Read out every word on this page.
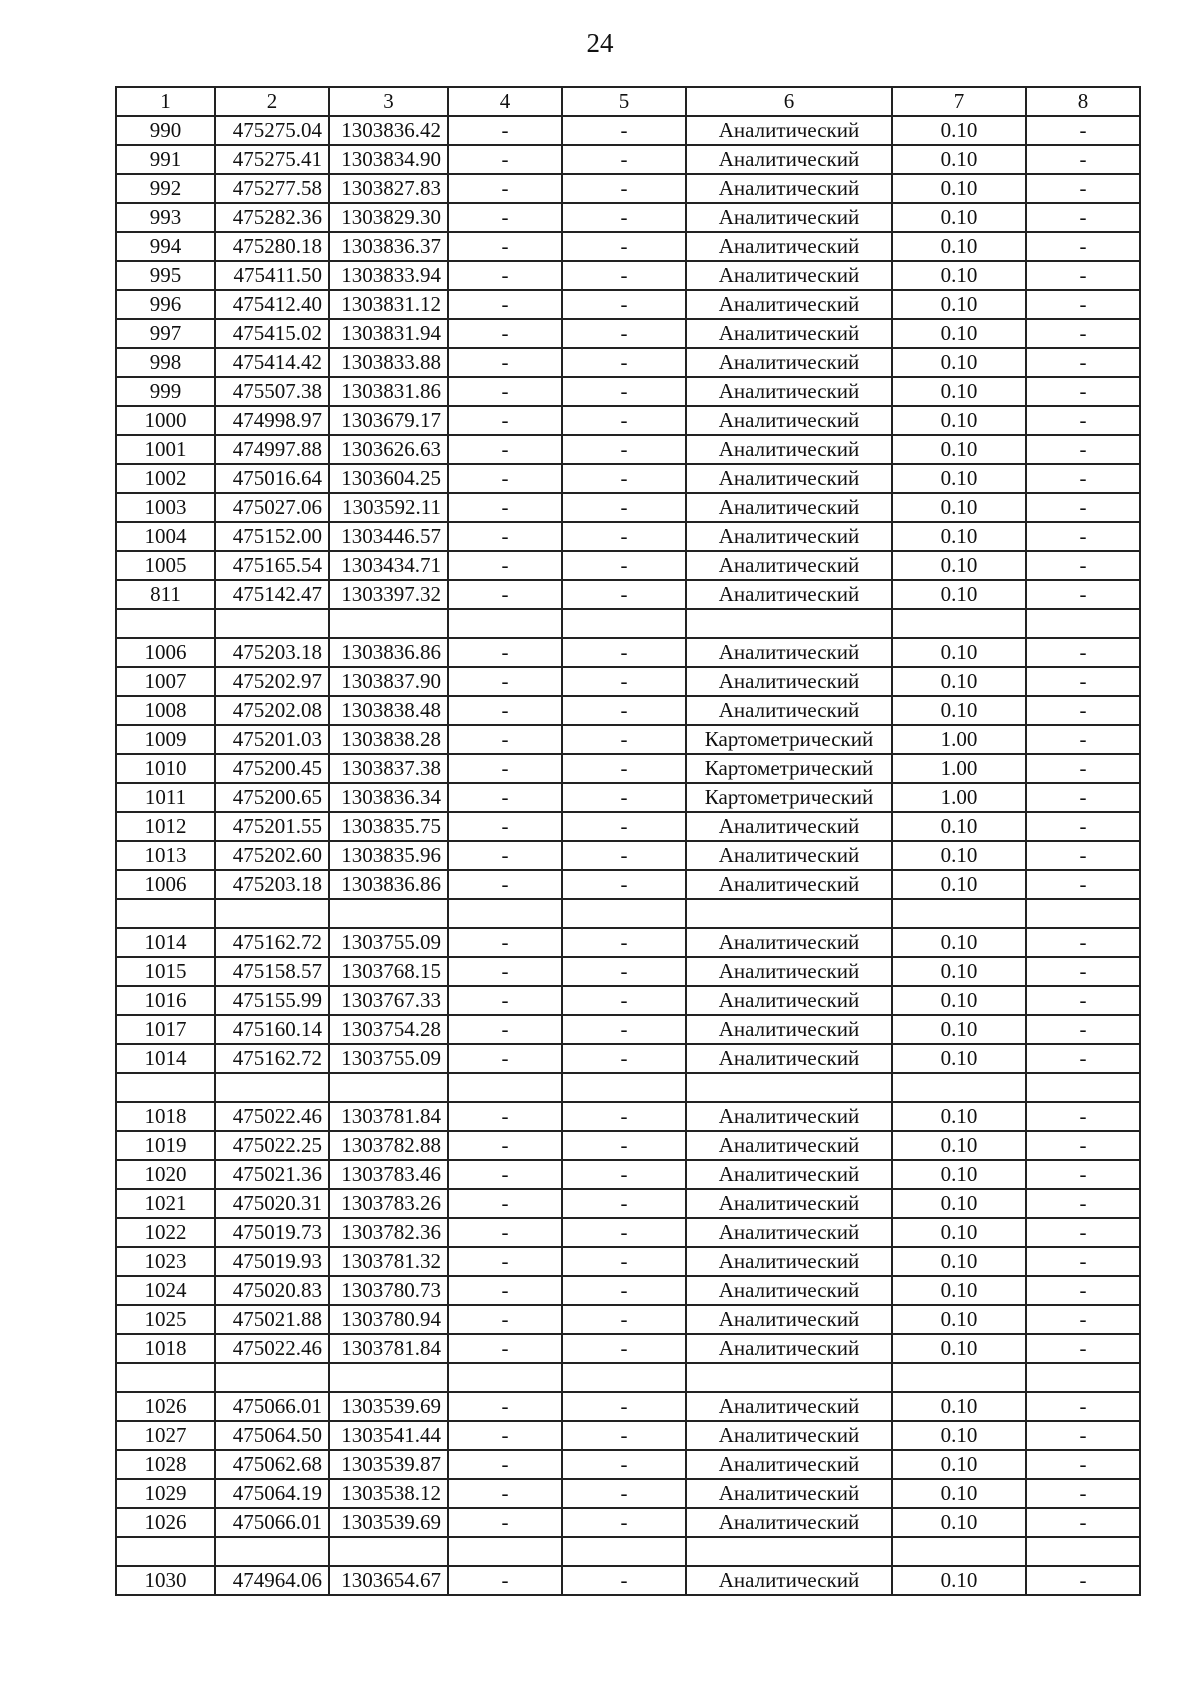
24
1	2	3	4	5	6	7	8
990	475275.04	1303836.42	-	-	Аналитический	0.10	-
991	475275.41	1303834.90	-	-	Аналитический	0.10	-
992	475277.58	1303827.83	-	-	Аналитический	0.10	-
993	475282.36	1303829.30	-	-	Аналитический	0.10	-
994	475280.18	1303836.37	-	-	Аналитический	0.10	-
995	475411.50	1303833.94	-	-	Аналитический	0.10	-
996	475412.40	1303831.12	-	-	Аналитический	0.10	-
997	475415.02	1303831.94	-	-	Аналитический	0.10	-
998	475414.42	1303833.88	-	-	Аналитический	0.10	-
999	475507.38	1303831.86	-	-	Аналитический	0.10	-
1000	474998.97	1303679.17	-	-	Аналитический	0.10	-
1001	474997.88	1303626.63	-	-	Аналитический	0.10	-
1002	475016.64	1303604.25	-	-	Аналитический	0.10	-
1003	475027.06	1303592.11	-	-	Аналитический	0.10	-
1004	475152.00	1303446.57	-	-	Аналитический	0.10	-
1005	475165.54	1303434.71	-	-	Аналитический	0.10	-
811	475142.47	1303397.32	-	-	Аналитический	0.10	-

1006	475203.18	1303836.86	-	-	Аналитический	0.10	-
1007	475202.97	1303837.90	-	-	Аналитический	0.10	-
1008	475202.08	1303838.48	-	-	Аналитический	0.10	-
1009	475201.03	1303838.28	-	-	Картометрический	1.00	-
1010	475200.45	1303837.38	-	-	Картометрический	1.00	-
1011	475200.65	1303836.34	-	-	Картометрический	1.00	-
1012	475201.55	1303835.75	-	-	Аналитический	0.10	-
1013	475202.60	1303835.96	-	-	Аналитический	0.10	-
1006	475203.18	1303836.86	-	-	Аналитический	0.10	-

1014	475162.72	1303755.09	-	-	Аналитический	0.10	-
1015	475158.57	1303768.15	-	-	Аналитический	0.10	-
1016	475155.99	1303767.33	-	-	Аналитический	0.10	-
1017	475160.14	1303754.28	-	-	Аналитический	0.10	-
1014	475162.72	1303755.09	-	-	Аналитический	0.10	-

1018	475022.46	1303781.84	-	-	Аналитический	0.10	-
1019	475022.25	1303782.88	-	-	Аналитический	0.10	-
1020	475021.36	1303783.46	-	-	Аналитический	0.10	-
1021	475020.31	1303783.26	-	-	Аналитический	0.10	-
1022	475019.73	1303782.36	-	-	Аналитический	0.10	-
1023	475019.93	1303781.32	-	-	Аналитический	0.10	-
1024	475020.83	1303780.73	-	-	Аналитический	0.10	-
1025	475021.88	1303780.94	-	-	Аналитический	0.10	-
1018	475022.46	1303781.84	-	-	Аналитический	0.10	-

1026	475066.01	1303539.69	-	-	Аналитический	0.10	-
1027	475064.50	1303541.44	-	-	Аналитический	0.10	-
1028	475062.68	1303539.87	-	-	Аналитический	0.10	-
1029	475064.19	1303538.12	-	-	Аналитический	0.10	-
1026	475066.01	1303539.69	-	-	Аналитический	0.10	-

1030	474964.06	1303654.67	-	-	Аналитический	0.10	-
